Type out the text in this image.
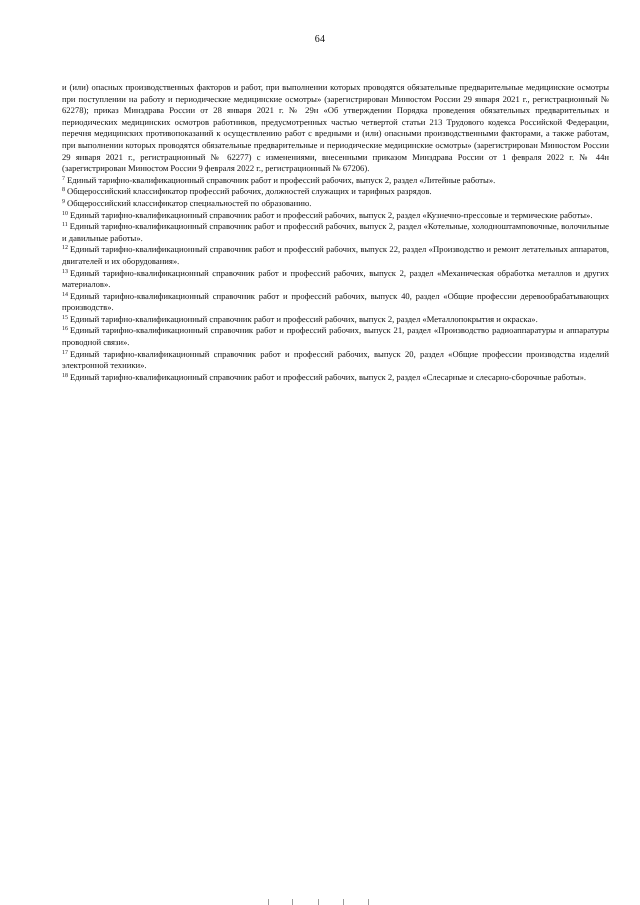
64

и (или) опасных производственных факторов и работ, при выполнении которых проводятся обязательные предварительные медицинские осмотры при поступлении на работу и периодические медицинские осмотры» (зарегистрирован Минюстом России 29 января 2021 г., регистрационный № 62278); приказ Минздрава России от 28 января 2021 г. № 29н «Об утверждении Порядка проведения обязательных предварительных и периодических медицинских осмотров работников, предусмотренных частью четвертой статьи 213 Трудового кодекса Российской Федерации, перечня медицинских противопоказаний к осуществлению работ с вредными и (или) опасными производственными факторами, а также работам, при выполнении которых проводятся обязательные предварительные и периодические медицинские осмотры» (зарегистрирован Минюстом России 29 января 2021 г., регистрационный № 62277) с изменениями, внесенными приказом Минздрава России от 1 февраля 2022 г. № 44н (зарегистрирован Минюстом России 9 февраля 2022 г., регистрационный № 67206).

$^7$ Единый тарифно-квалификационный справочник работ и профессий рабочих, выпуск 2, раздел «Литейные работы».

$^8$ Общероссийский классификатор профессий рабочих, должностей служащих и тарифных разрядов.

$^9$ Общероссийский классификатор специальностей по образованию.

$^{10}$ Единый тарифно-квалификационный справочник работ и профессий рабочих, выпуск 2, раздел «Кузнечно-прессовые и термические работы».

$^{11}$ Единый тарифно-квалификационный справочник работ и профессий рабочих, выпуск 2, раздел «Котельные, холодноштамповочные, волочильные и давильные работы».

$^{12}$ Единый тарифно-квалификационный справочник работ и профессий рабочих, выпуск 22, раздел «Производство и ремонт летательных аппаратов, двигателей и их оборудования».

$^{13}$ Единый тарифно-квалификационный справочник работ и профессий рабочих, выпуск 2, раздел «Механическая обработка металлов и других материалов».

$^{14}$ Единый тарифно-квалификационный справочник работ и профессий рабочих, выпуск 40, раздел «Общие профессии деревообрабатывающих производств».

$^{15}$ Единый тарифно-квалификационный справочник работ и профессий рабочих, выпуск 2, раздел «Металлопокрытия и окраска».

$^{16}$ Единый тарифно-квалификационный справочник работ и профессий рабочих, выпуск 21, раздел «Производство радиоаппаратуры и аппаратуры проводной связи».

$^{17}$ Единый тарифно-квалификационный справочник работ и профессий рабочих, выпуск 20, раздел «Общие профессии производства изделий электронной техники».

$^{18}$ Единый тарифно-квалификационный справочник работ и профессий рабочих, выпуск 2, раздел «Слесарные и слесарно-сборочные работы».
